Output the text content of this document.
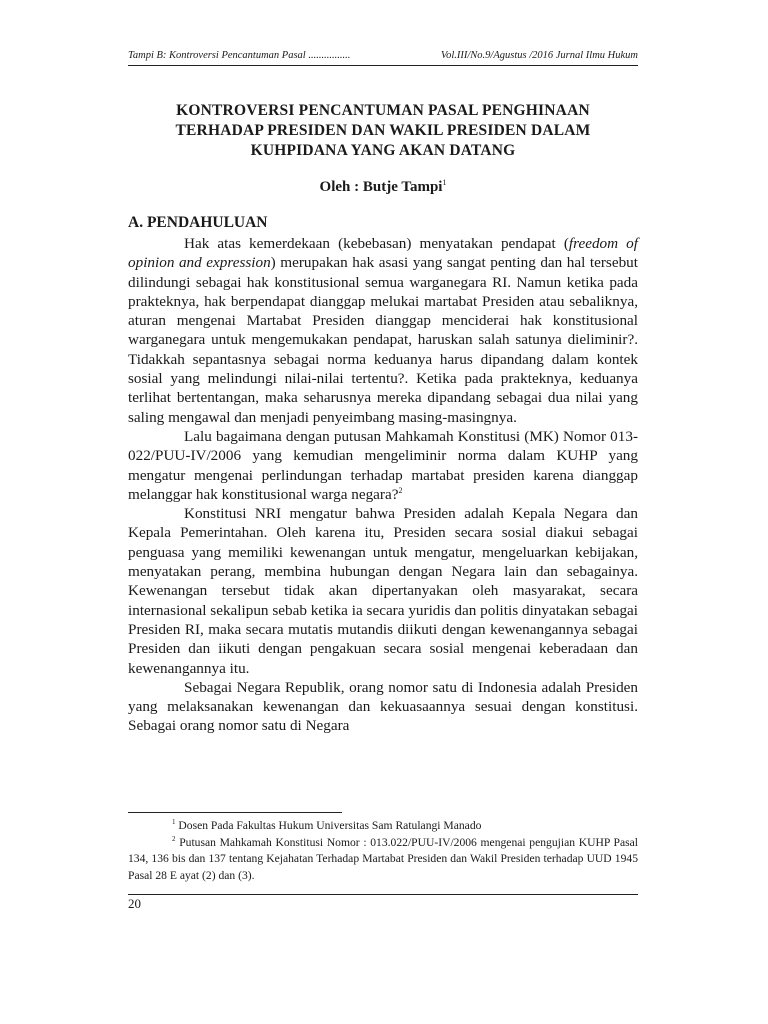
Tampi B: Kontroversi Pencantuman Pasal ................	Vol.III/No.9/Agustus /2016 Jurnal Ilmu Hukum
KONTROVERSI PENCANTUMAN PASAL PENGHINAAN
TERHADAP PRESIDEN DAN WAKIL PRESIDEN DALAM
KUHPIDANA YANG AKAN DATANG
Oleh : Butje Tampi$^1$
A. PENDAHULUAN

Hak atas kemerdekaan (kebebasan) menyatakan pendapat (freedom of opinion and expression) merupakan hak asasi yang sangat penting dan hal tersebut dilindungi sebagai hak konstitusional semua warganegara RI. Namun ketika pada prakteknya, hak berpendapat dianggap melukai martabat Presiden atau sebaliknya, aturan mengenai Martabat Presiden dianggap menciderai hak konstitusional warganegara untuk mengemukakan pendapat, haruskan salah satunya dieliminir?. Tidakkah sepantasnya sebagai norma keduanya harus dipandang dalam kontek sosial yang melindungi nilai-nilai tertentu?. Ketika pada prakteknya, keduanya terlihat bertentangan, maka seharusnya mereka dipandang sebagai dua nilai yang saling mengawal dan menjadi penyeimbang masing-masingnya.

Lalu bagaimana dengan putusan Mahkamah Konstitusi (MK) Nomor 013-022/PUU-IV/2006 yang kemudian mengeliminir norma dalam KUHP yang mengatur mengenai perlindungan terhadap martabat presiden karena dianggap melanggar hak konstitusional warga negara?$^2$

Konstitusi NRI mengatur bahwa Presiden adalah Kepala Negara dan Kepala Pemerintahan. Oleh karena itu, Presiden secara sosial diakui sebagai penguasa yang memiliki kewenangan untuk mengatur, mengeluarkan kebijakan, menyatakan perang, membina hubungan dengan Negara lain dan sebagainya. Kewenangan tersebut tidak akan dipertanyakan oleh masyarakat, secara internasional sekalipun sebab ketika ia secara yuridis dan politis dinyatakan sebagai Presiden RI, maka secara mutatis mutandis diikuti dengan kewenangannya sebagai Presiden dan iikuti dengan pengakuan secara sosial mengenai keberadaan dan kewenangannya itu.

Sebagai Negara Republik, orang nomor satu di Indonesia adalah Presiden yang melaksanakan kewenangan dan kekuasaannya sesuai dengan konstitusi. Sebagai orang nomor satu di Negara

$^1$ Dosen Pada Fakultas Hukum Universitas Sam Ratulangi Manado

$^2$ Putusan Mahkamah Konstitusi Nomor : 013.022/PUU-IV/2006 mengenai pengujian KUHP Pasal 134, 136 bis dan 137 tentang Kejahatan Terhadap Martabat Presiden dan Wakil Presiden terhadap UUD 1945 Pasal 28 E ayat (2) dan (3).

20
